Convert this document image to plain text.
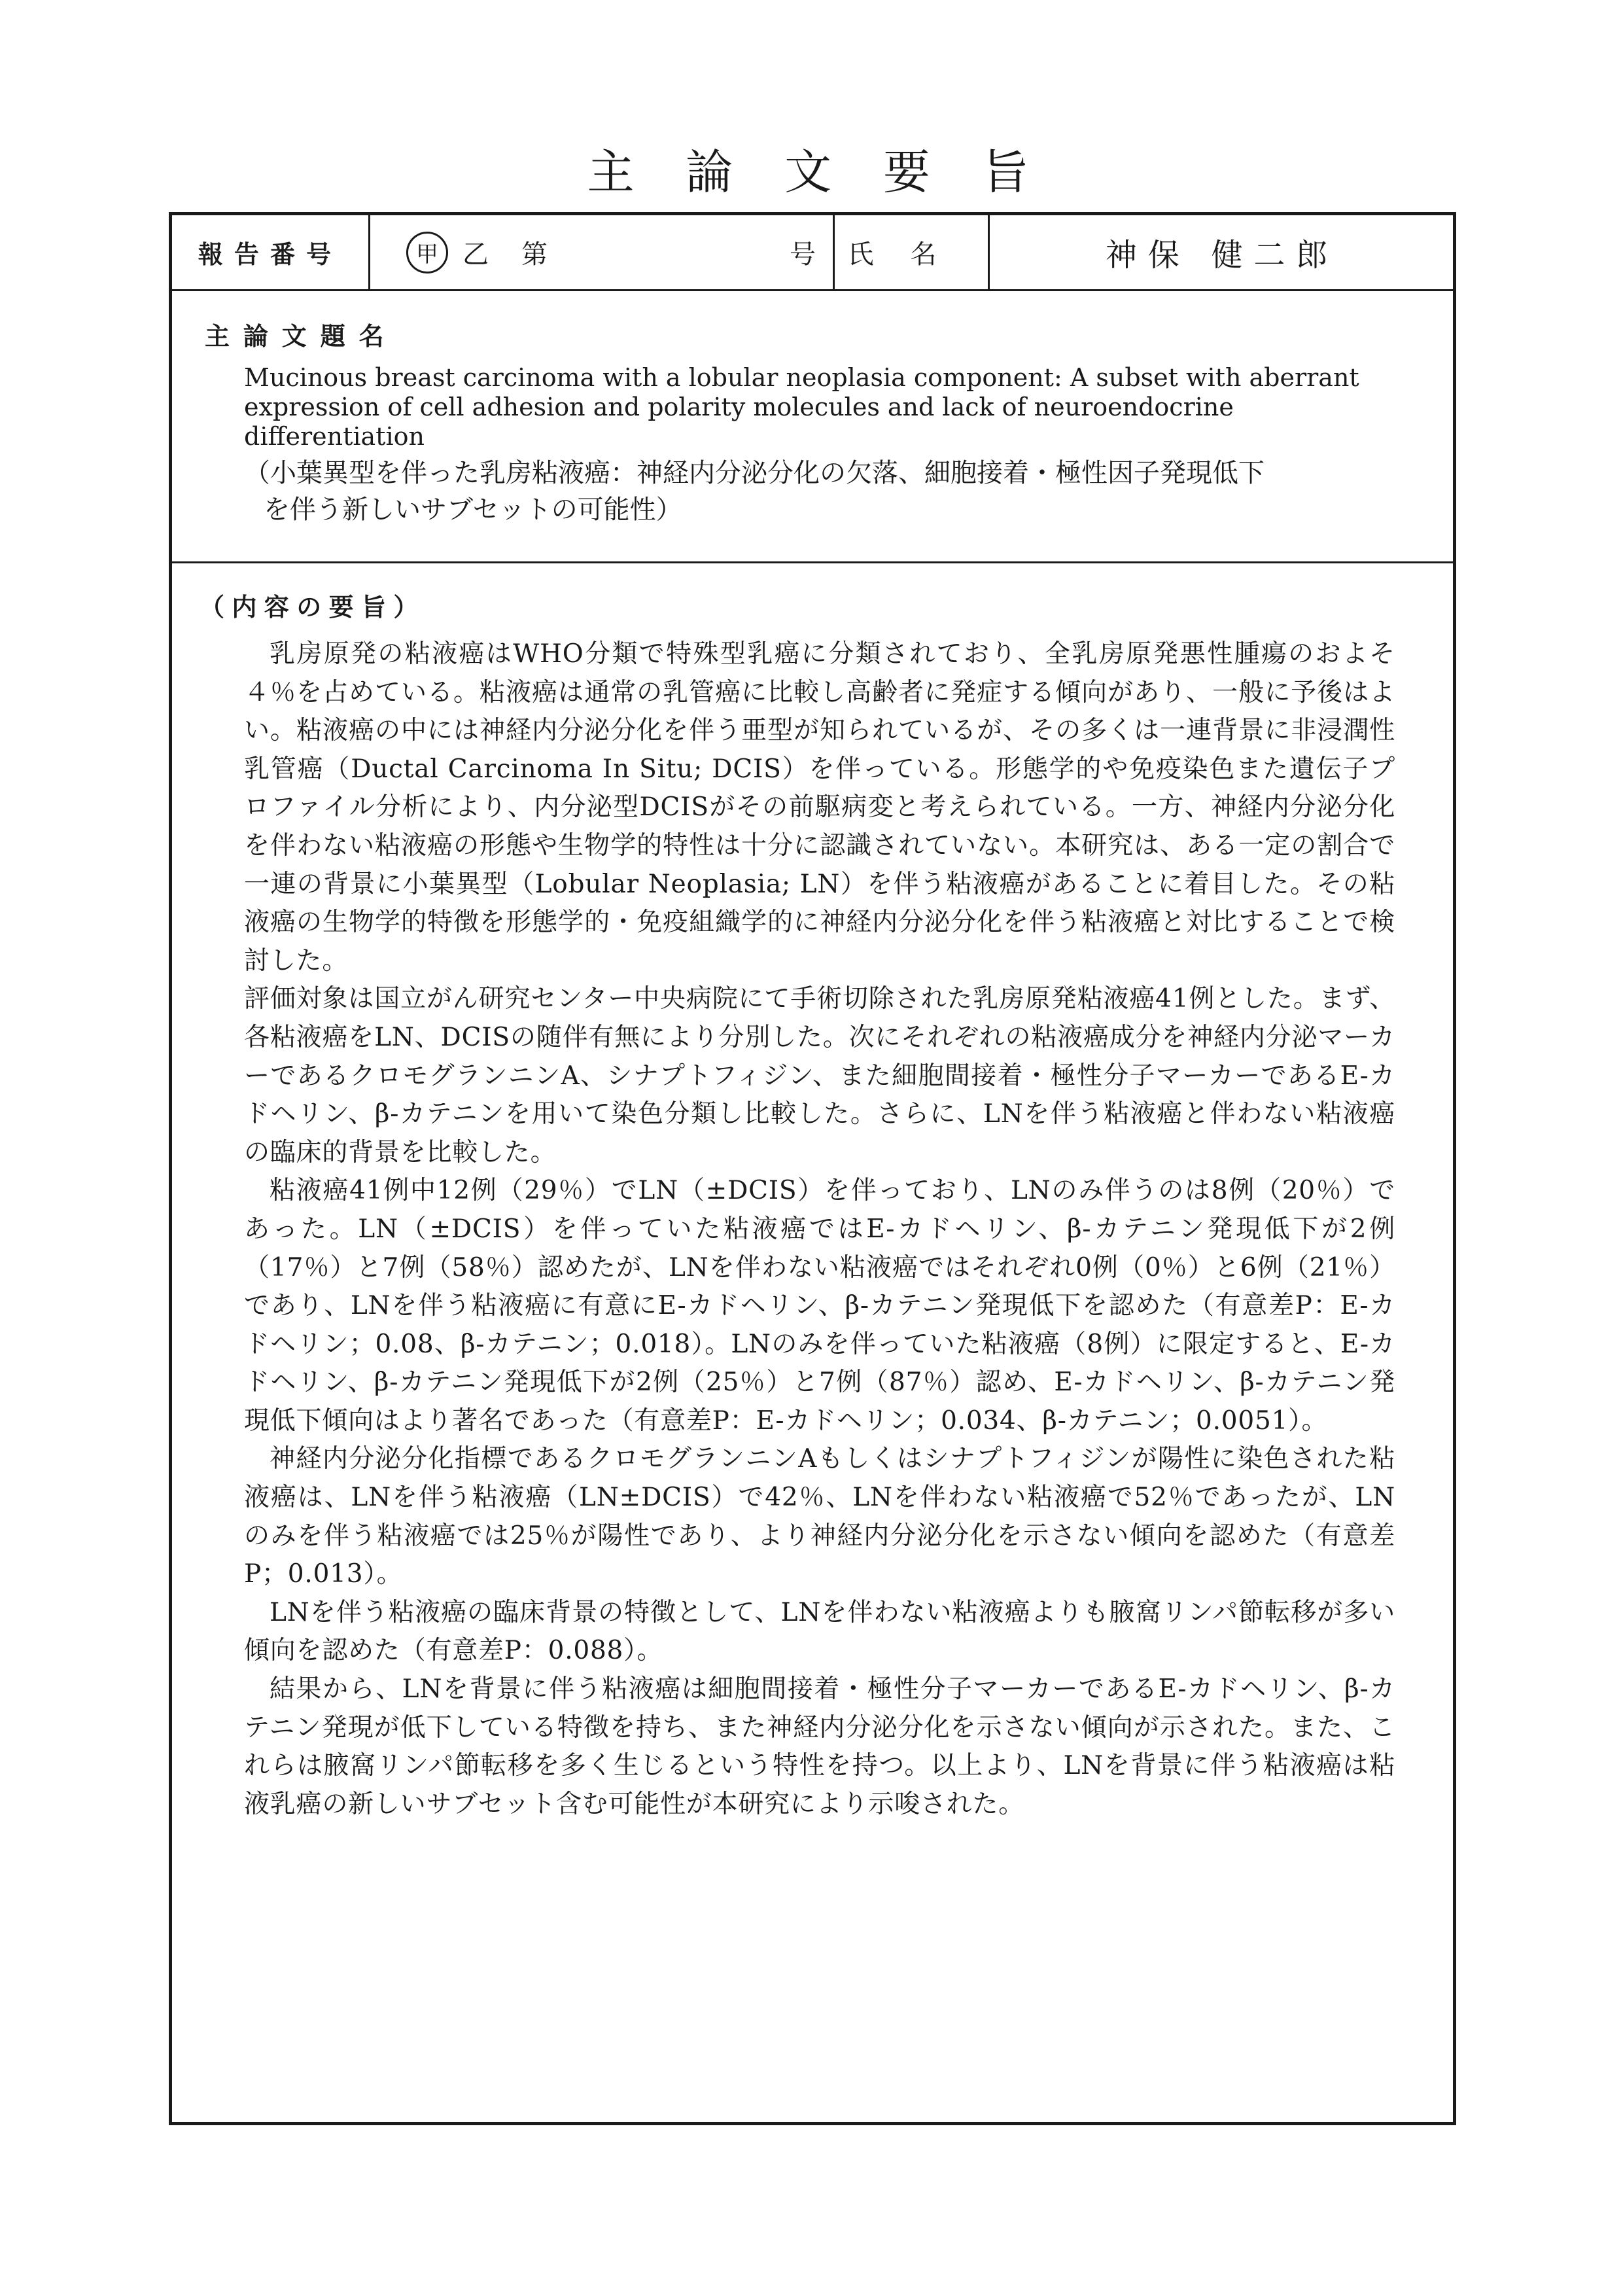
主 論 文 要 旨
報告番号	甲 乙 第	号 氏名	神保 健二郎
主論文題名
Mucinous breast carcinoma with a lobular neoplasia component: A subset with aberrant expression of cell adhesion and polarity molecules and lack of neuroendocrine differentiation
（小葉異型を伴った乳房粘液癌：神経内分泌分化の欠落、細胞接着・極性因子発現低下
を伴う新しいサブセットの可能性）
（内容の要旨）

乳房原発の粘液癌はWHO分類で特殊型乳癌に分類されており、全乳房原発悪性腫瘍のおよそ４％を占めている。粘液癌は通常の乳管癌に比較し高齢者に発症する傾向があり、一般に予後はよい。粘液癌の中には神経内分泌分化を伴う亜型が知られているが、その多くは一連背景に非浸潤性乳管癌（Ductal Carcinoma In Situ; DCIS）を伴っている。形態学的や免疫染色また遺伝子プロファイル分析により、内分泌型DCISがその前駆病変と考えられている。一方、神経内分泌分化を伴わない粘液癌の形態や生物学的特性は十分に認識されていない。本研究は、ある一定の割合で一連の背景に小葉異型（Lobular Neoplasia; LN）を伴う粘液癌があることに着目した。その粘液癌の生物学的特徴を形態学的・免疫組織学的に神経内分泌分化を伴う粘液癌と対比することで検討した。

評価対象は国立がん研究センター中央病院にて手術切除された乳房原発粘液癌41例とした。まず、各粘液癌をLN、DCISの随伴有無により分別した。次にそれぞれの粘液癌成分を神経内分泌マーカーであるクロモグランニンA、シナプトフィジン、また細胞間接着・極性分子マーカーであるE-カドヘリン、β-カテニンを用いて染色分類し比較した。さらに、LNを伴う粘液癌と伴わない粘液癌の臨床的背景を比較した。

粘液癌41例中12例（29％）でLN（±DCIS）を伴っており、LNのみ伴うのは8例（20％）であった。LN（±DCIS）を伴っていた粘液癌ではE-カドヘリン、β-カテニン発現低下が2例（17％）と7例（58％）認めたが、LNを伴わない粘液癌ではそれぞれ0例（0％）と6例（21％）であり、LNを伴う粘液癌に有意にE-カドヘリン、β-カテニン発現低下を認めた（有意差P：E-カドヘリン；0.08、β-カテニン；0.018）。LNのみを伴っていた粘液癌（8例）に限定すると、E-カドヘリン、β-カテニン発現低下が2例（25％）と7例（87％）認め、E-カドヘリン、β-カテニン発現低下傾向はより著名であった（有意差P：E-カドヘリン；0.034、β-カテニン；0.0051）。

神経内分泌分化指標であるクロモグランニンAもしくはシナプトフィジンが陽性に染色された粘液癌は、LNを伴う粘液癌（LN±DCIS）で42％、LNを伴わない粘液癌で52％であったが、LNのみを伴う粘液癌では25％が陽性であり、より神経内分泌分化を示さない傾向を認めた（有意差P；0.013）。

LNを伴う粘液癌の臨床背景の特徴として、LNを伴わない粘液癌よりも腋窩リンパ節転移が多い傾向を認めた（有意差P：0.088）。

結果から、LNを背景に伴う粘液癌は細胞間接着・極性分子マーカーであるE-カドヘリン、β-カテニン発現が低下している特徴を持ち、また神経内分泌分化を示さない傾向が示された。また、これらは腋窩リンパ節転移を多く生じるという特性を持つ。以上より、LNを背景に伴う粘液癌は粘液乳癌の新しいサブセット含む可能性が本研究により示唆された。
